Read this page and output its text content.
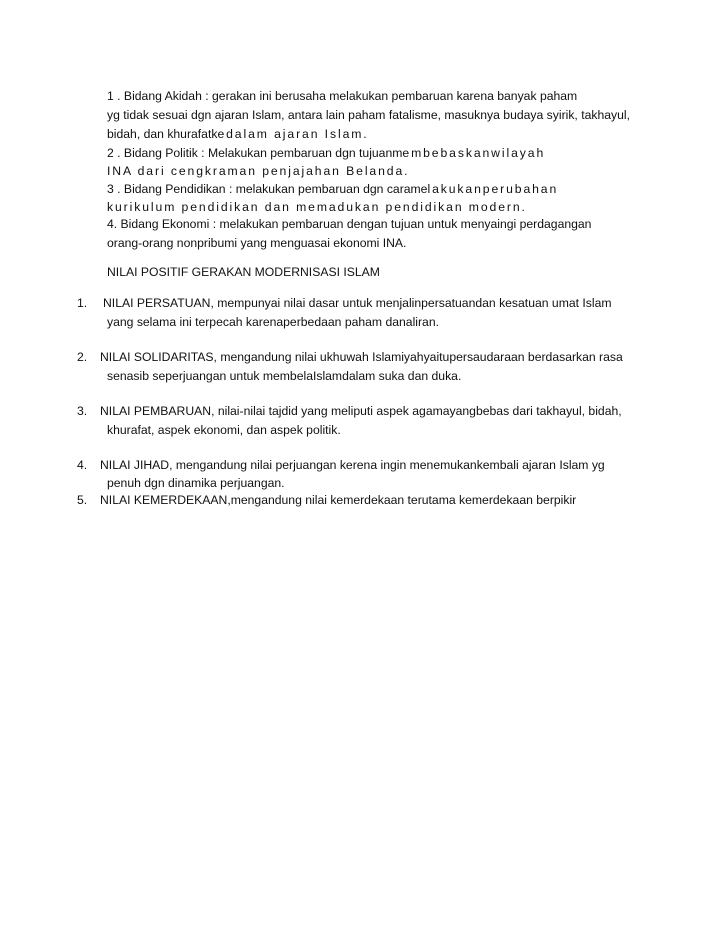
1 . Bidang Akidah : gerakan ini berusaha melakukan pembaruan karena banyak paham
yg tidak sesuai dgn ajaran Islam, antara lain paham fatalisme, masuknya budaya syirik, takhayul,
bidah, dan khurafatkedalam ajaran Islam.
2 . Bidang Politik : Melakukan pembaruan dgn tujuanmembebaskanwilayah
INA dari cengkraman penjajahan Belanda.
3 . Bidang Pendidikan : melakukan pembaruan dgn caramelakukanperubahan
kurikulum pendidikan dan memadukan pendidikan modern.
4. Bidang Ekonomi : melakukan pembaruan dengan tujuan untuk menyaingi perdagangan
orang-orang nonpribumi yang menguasai ekonomi INA.
NILAI POSITIF GERAKAN MODERNISASI ISLAM
1. NILAI PERSATUAN, mempunyai nilai dasar untuk menjalinpersatuandan kesatuan umat Islam
yang selama ini terpecah karenaperbedaan paham danaliran.
2. NILAI SOLIDARITAS, mengandung nilai ukhuwah Islamiyahyaitupersaudaraan berdasarkan rasa
senasib seperjuangan untuk membelaIslamdalam suka dan duka.
3. NILAI PEMBARUAN, nilai-nilai tajdid yang meliputi aspek agamayangbebas dari takhayul, bidah,
khurafat, aspek ekonomi, dan aspek politik.
4. NILAI JIHAD, mengandung nilai perjuangan kerena ingin menemukankembali ajaran Islam yg
penuh dgn dinamika perjuangan.
5. NILAI KEMERDEKAAN,mengandung nilai kemerdekaan terutama kemerdekaan berpikir
